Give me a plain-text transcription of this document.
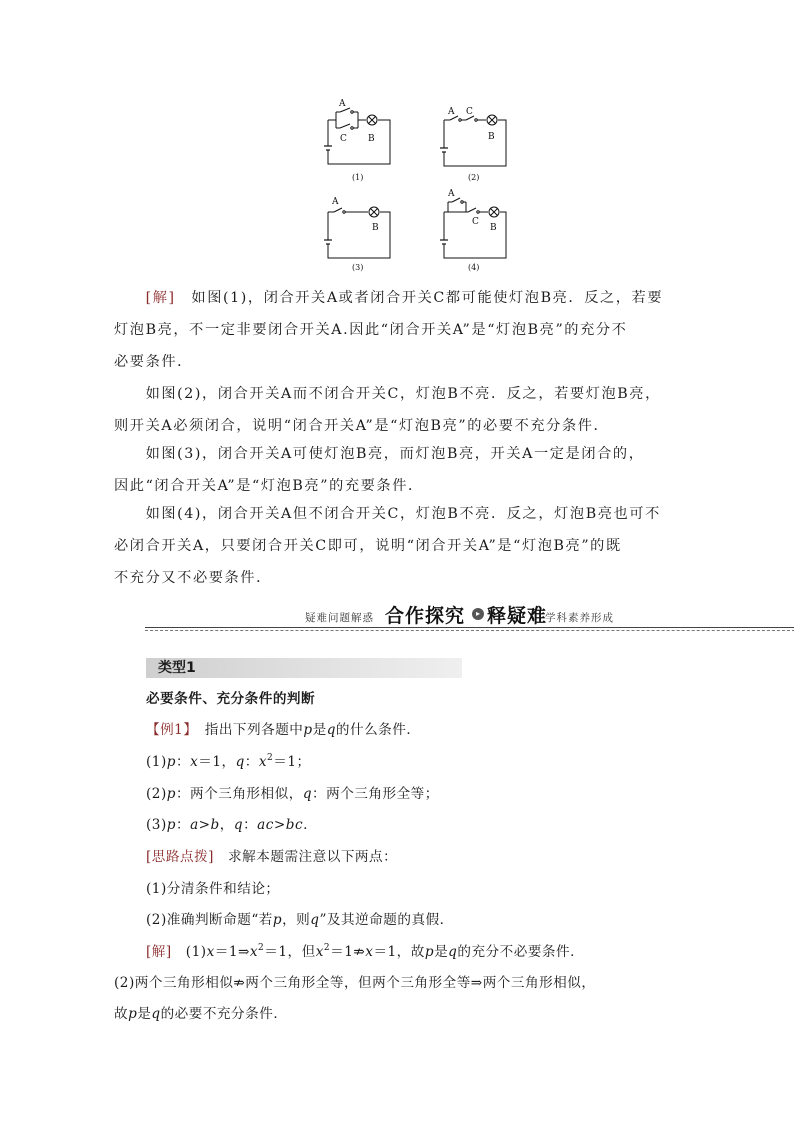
A
C B
(1)
A C
B
(2)
A
B
(3)
A
C
B
(4)
　　[解]　如图(1)，闭合开关A或者闭合开关C都可能使灯泡B亮．反之，若要
灯泡B亮，不一定非要闭合开关A.因此“闭合开关A”是“灯泡B亮”的充分不
必要条件．
　　如图(2)，闭合开关A而不闭合开关C，灯泡B不亮．反之，若要灯泡B亮，
则开关A必须闭合，说明“闭合开关A”是“灯泡B亮”的必要不充分条件．
　　如图(3)，闭合开关A可使灯泡B亮，而灯泡B亮，开关A一定是闭合的，
因此“闭合开关A”是“灯泡B亮”的充要条件．
　　如图(4)，闭合开关A但不闭合开关C，灯泡B不亮．反之，灯泡B亮也可不
必闭合开关A，只要闭合开关C即可，说明“闭合开关A”是“灯泡B亮”的既
不充分又不必要条件．
疑难问题解惑 合作探究	▸ 释疑难
学科素养形成
类型1
必要条件、充分条件的判断
【例1】　指出下列各题中p是q的什么条件．
(1)p：x＝1，q：$x^2=1$；
(2)p：两个三角形相似，q：两个三角形全等；
(3)p：a>b，q：ac>bc.
[思路点拨]　求解本题需注意以下两点：
(1)分清条件和结论；
(2)准确判断命题“若p，则q”及其逆命题的真假．
[解]　$(1)x=1\Rightarrow x^2=1$，但$x^2=1⇏x=1$，故p是q的充分不必要条件．
(2)两个三角形相似⇏两个三角形全等，但两个三角形全等⇒两个三角形相似，
故p是q的必要不充分条件．
